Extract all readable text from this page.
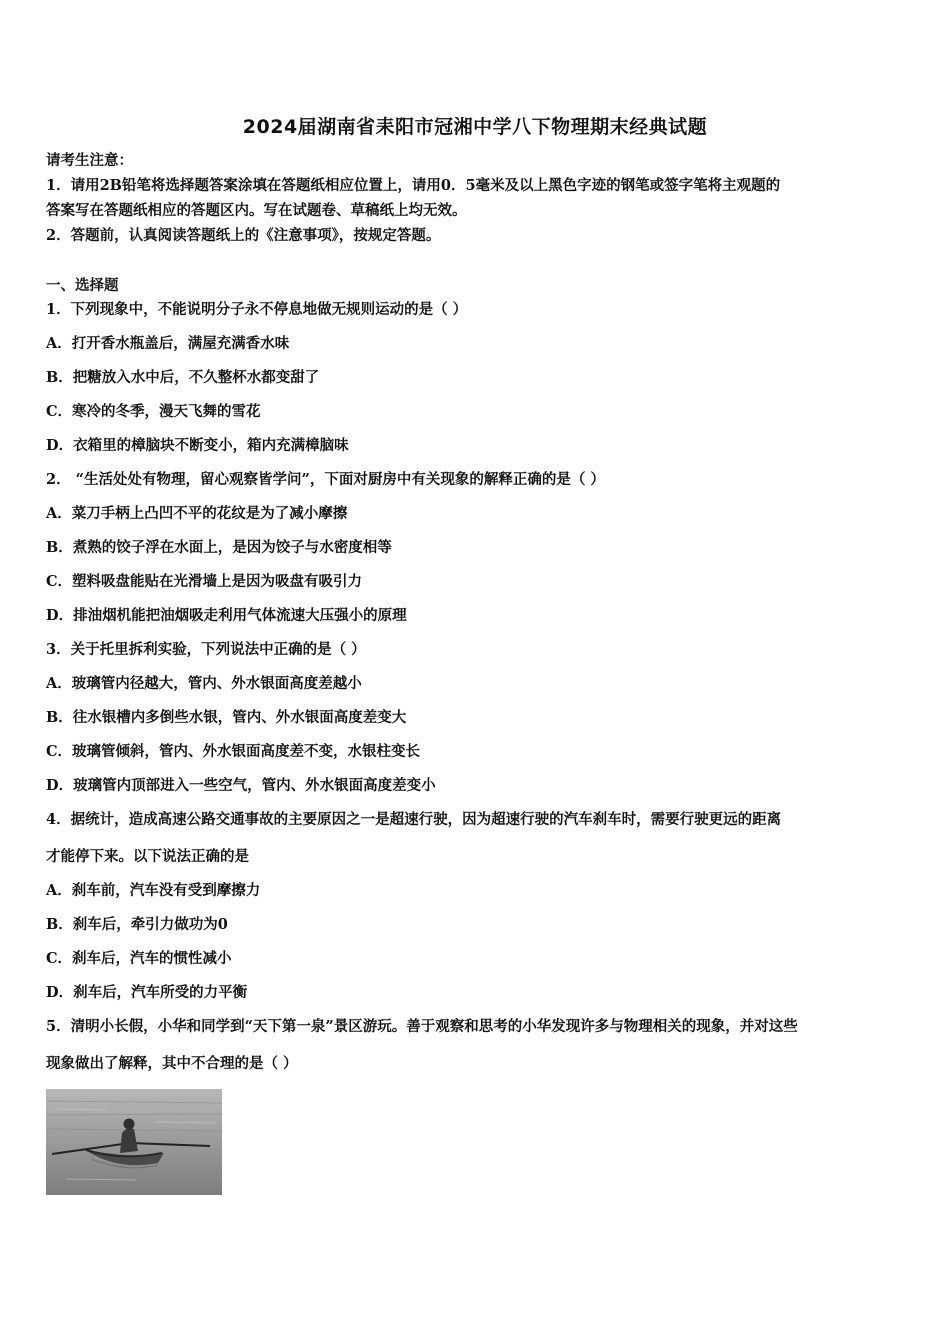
2024届湖南省耒阳市冠湘中学八下物理期末经典试题
请考生注意：
1．请用2B铅笔将选择题答案涂填在答题纸相应位置上，请用0．5毫米及以上黑色字迹的钢笔或签字笔将主观题的
答案写在答题纸相应的答题区内。写在试题卷、草稿纸上均无效。
2．答题前，认真阅读答题纸上的《注意事项》，按规定答题。
一、选择题
1．下列现象中，不能说明分子永不停息地做无规则运动的是（ ）
A．打开香水瓶盖后，满屋充满香水味
B．把糖放入水中后，不久整杯水都变甜了
C．寒冷的冬季，漫天飞舞的雪花
D．衣箱里的樟脑块不断变小，箱内充满樟脑味
2． “生活处处有物理，留心观察皆学问”，下面对厨房中有关现象的解释正确的是（ ）
A．菜刀手柄上凸凹不平的花纹是为了减小摩擦
B．煮熟的饺子浮在水面上，是因为饺子与水密度相等
C．塑料吸盘能贴在光滑墙上是因为吸盘有吸引力
D．排油烟机能把油烟吸走利用气体流速大压强小的原理
3．关于托里拆利实验，下列说法中正确的是（ ）
A．玻璃管内径越大，管内、外水银面高度差越小
B．往水银槽内多倒些水银，管内、外水银面高度差变大
C．玻璃管倾斜，管内、外水银面高度差不变，水银柱变长
D．玻璃管内顶部进入一些空气，管内、外水银面高度差变小
4．据统计，造成高速公路交通事故的主要原因之一是超速行驶，因为超速行驶的汽车刹车时，需要行驶更远的距离
才能停下来。以下说法正确的是
A．刹车前，汽车没有受到摩擦力
B．刹车后，牵引力做功为0
C．刹车后，汽车的惯性减小
D．刹车后，汽车所受的力平衡
5．清明小长假，小华和同学到“天下第一泉”景区游玩。善于观察和思考的小华发现许多与物理相关的现象，并对这些
现象做出了解释，其中不合理的是（ ）
